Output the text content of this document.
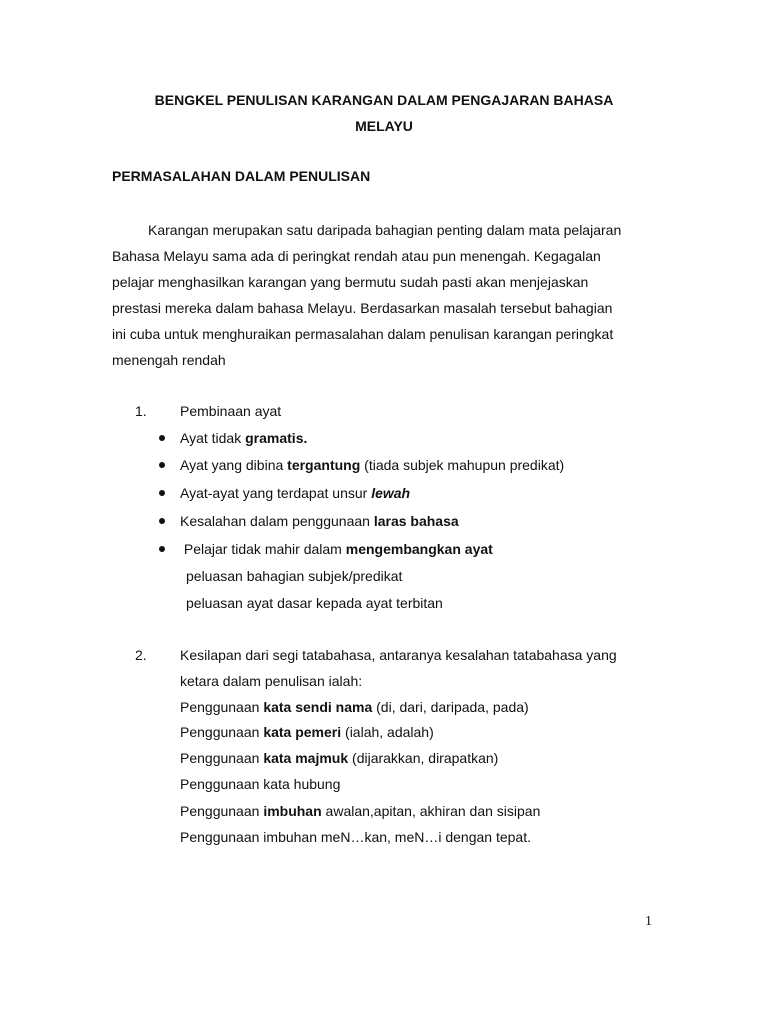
BENGKEL PENULISAN KARANGAN DALAM PENGAJARAN BAHASA
MELAYU
PERMASALAHAN DALAM PENULISAN
Karangan merupakan satu daripada bahagian penting dalam mata pelajaran
Bahasa Melayu sama ada di peringkat rendah atau pun menengah. Kegagalan
pelajar menghasilkan karangan yang bermutu sudah pasti akan menjejaskan
prestasi mereka dalam bahasa Melayu. Berdasarkan masalah tersebut bahagian
ini cuba untuk menghuraikan permasalahan dalam penulisan karangan peringkat
menengah rendah
1. Pembinaan ayat
Ayat tidak gramatis.
Ayat yang dibina tergantung (tiada subjek mahupun predikat)
Ayat-ayat yang terdapat unsur lewah
Kesalahan dalam penggunaan laras bahasa
Pelajar tidak mahir dalam mengembangkan ayat
peluasan bahagian subjek/predikat
peluasan ayat dasar kepada ayat terbitan
2. Kesilapan dari segi tatabahasa, antaranya kesalahan tatabahasa yang
ketara dalam penulisan ialah:
Penggunaan kata sendi nama (di, dari, daripada, pada)
Penggunaan kata pemeri (ialah, adalah)
Penggunaan kata majmuk (dijarakkan, dirapatkan)
Penggunaan kata hubung
Penggunaan imbuhan awalan,apitan, akhiran dan sisipan
Penggunaan imbuhan meN…kan, meN…i dengan tepat.
1
